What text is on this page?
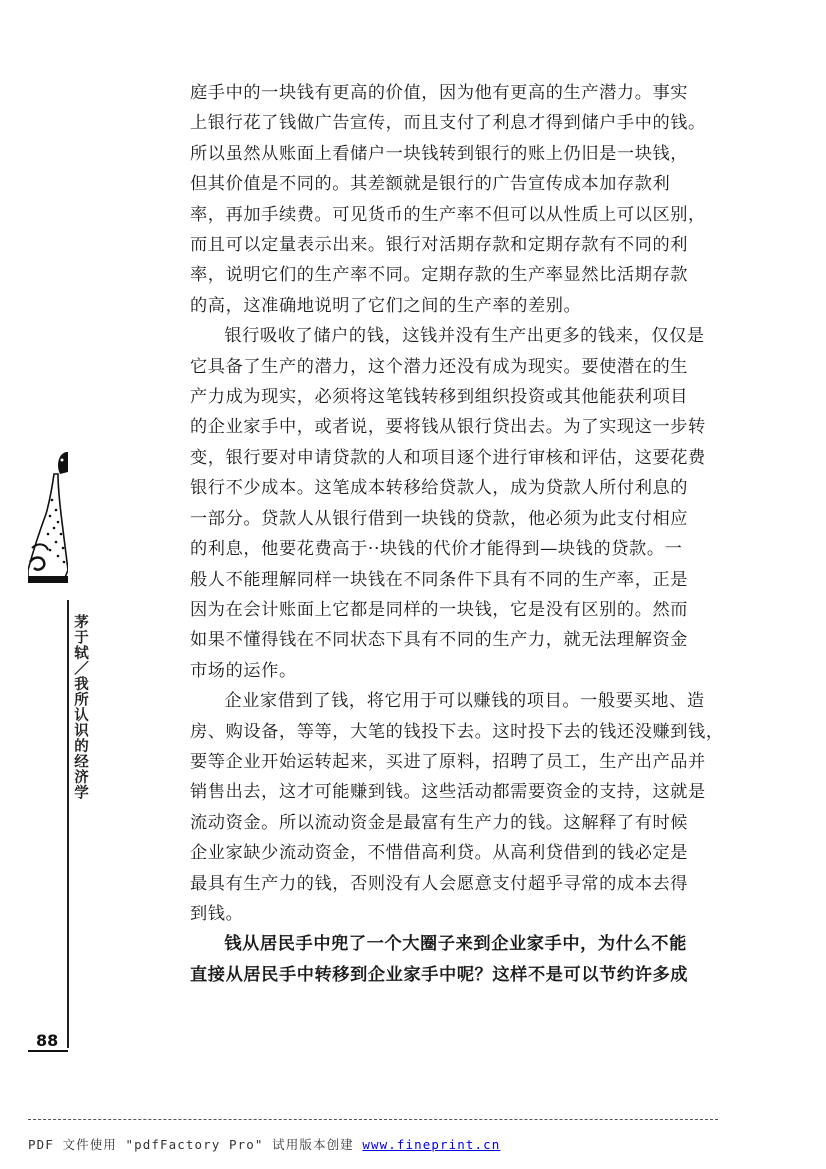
庭手中的一块钱有更高的价值，因为他有更高的生产潜力。事实

上银行花了钱做广告宣传，而且支付了利息才得到储户手中的钱。

所以虽然从账面上看储户一块钱转到银行的账上仍旧是一块钱，

但其价值是不同的。其差额就是银行的广告宣传成本加存款利

率，再加手续费。可见货币的生产率不但可以从性质上可以区别，

而且可以定量表示出来。银行对活期存款和定期存款有不同的利

率，说明它们的生产率不同。定期存款的生产率显然比活期存款

的高，这准确地说明了它们之间的生产率的差别。

银行吸收了储户的钱，这钱并没有生产出更多的钱来，仅仅是

它具备了生产的潜力，这个潜力还没有成为现实。要使潜在的生

产力成为现实，必须将这笔钱转移到组织投资或其他能获利项目

的企业家手中，或者说，要将钱从银行贷出去。为了实现这一步转

变，银行要对申请贷款的人和项目逐个进行审核和评估，这要花费

银行不少成本。这笔成本转移给贷款人，成为贷款人所付利息的

一部分。贷款人从银行借到一块钱的贷款，他必须为此支付相应

的利息，他要花费高于··块钱的代价才能得到—块钱的贷款。一

般人不能理解同样一块钱在不同条件下具有不同的生产率，正是

因为在会计账面上它都是同样的一块钱，它是没有区别的。然而

如果不懂得钱在不同状态下具有不同的生产力，就无法理解资金

市场的运作。

企业家借到了钱，将它用于可以赚钱的项目。一般要买地、造

房、购设备，等等，大笔的钱投下去。这时投下去的钱还没赚到钱，

要等企业开始运转起来，买进了原料，招聘了员工，生产出产品并

销售出去，这才可能赚到钱。这些活动都需要资金的支持，这就是

流动资金。所以流动资金是最富有生产力的钱。这解释了有时候

企业家缺少流动资金，不惜借高利贷。从高利贷借到的钱必定是

最具有生产力的钱，否则没有人会愿意支付超乎寻常的成本去得

到钱。

钱从居民手中兜了一个大圈子来到企业家手中，为什么不能

直接从居民手中转移到企业家手中呢？这样不是可以节约许多成

茅于轼／我所认识的经济学
88
PDF 文件使用 "pdfFactory Pro" 试用版本创建 www.fineprint.cn
